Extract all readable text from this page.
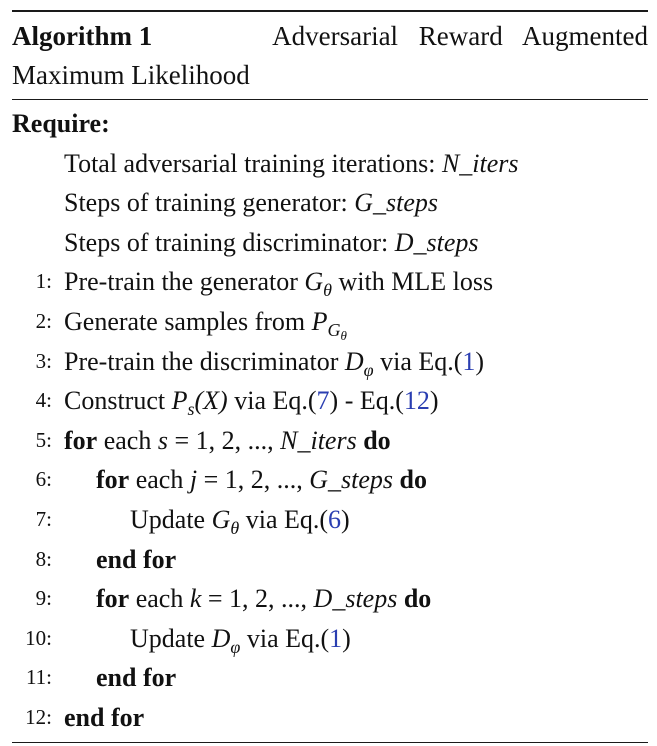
Algorithm 1	Adversarial Reward Augmented
Maximum Likelihood
Require:
Total adversarial training iterations: N_iters
Steps of training generator: G_steps
Steps of training discriminator: D_steps
1: Pre-train the generator $G_\theta$ with MLE loss
2: Generate samples from $P_{G_\theta}$
3: Pre-train the discriminator $D_\varphi$ via Eq.(1)
4: Construct $P_s(X)$ via Eq.(7) - Eq.(12)
5: for each s = 1, 2, ..., N_iters do
6: for each j = 1, 2, ..., G_steps do
7:	Update $G_\theta$ via Eq.(6)
8: end for
9: for each k = 1, 2, ..., D_steps do
10:	Update $D_\varphi$ via Eq.(1)
11: end for
12: end for
